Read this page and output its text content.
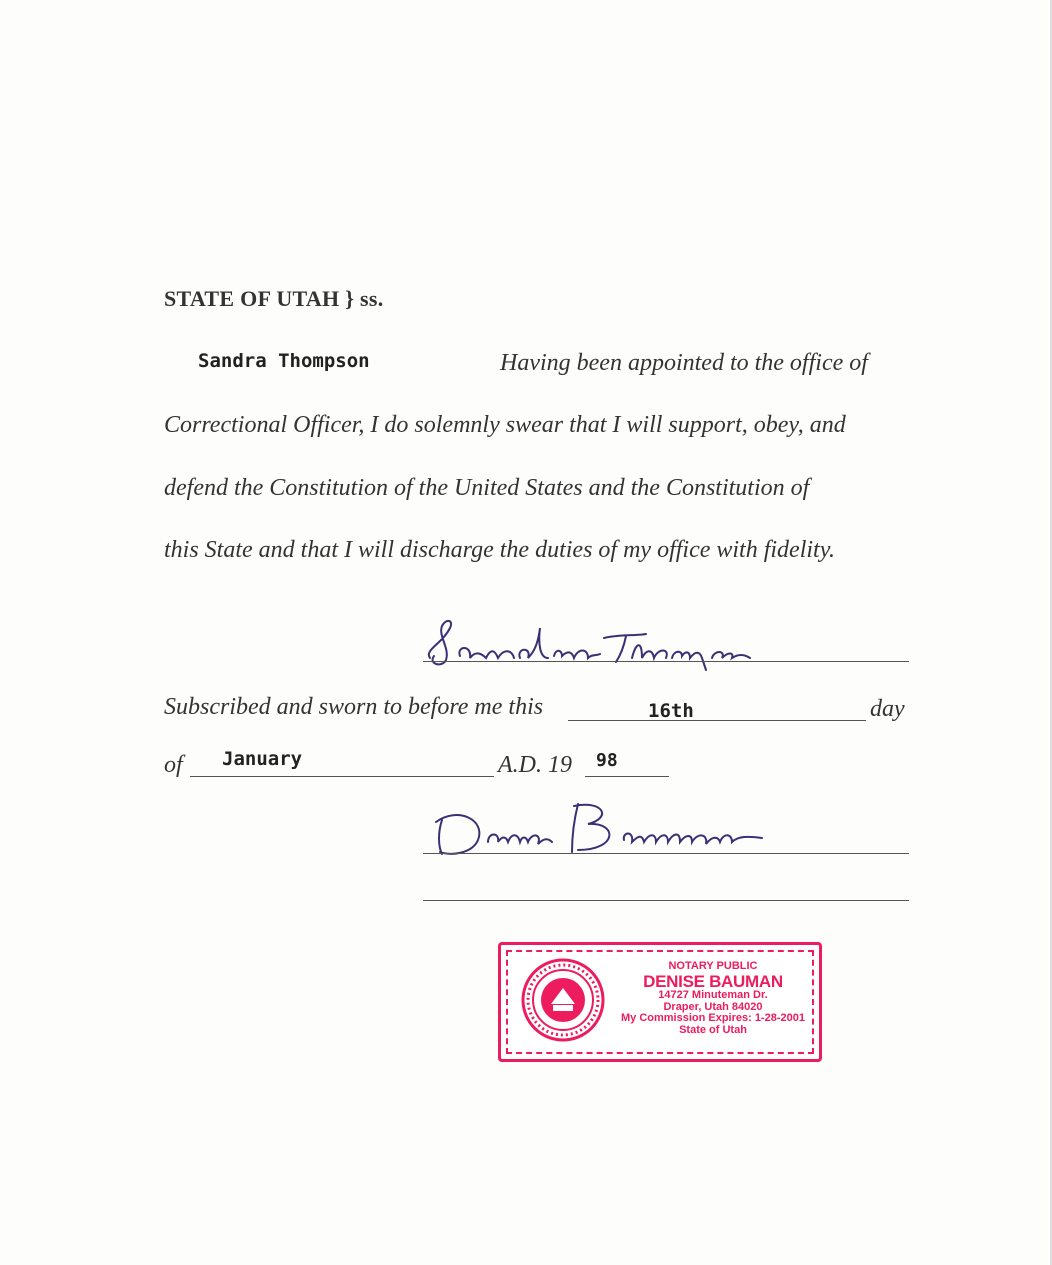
STATE OF UTAH } ss.
Sandra Thompson	Having been appointed to the office of
Correctional Officer, I do solemnly swear that I will support, obey, and
defend the Constitution of the United States and the Constitution of
this State and that I will discharge the duties of my office with fidelity.
Subscribed and sworn to before me this	16th	day
of January	A.D. 19 98
NOTARY PUBLIC
DENISE BAUMAN
14727 Minuteman Dr.
Draper, Utah 84020
My Commission Expires: 1-28-2001
State of Utah
